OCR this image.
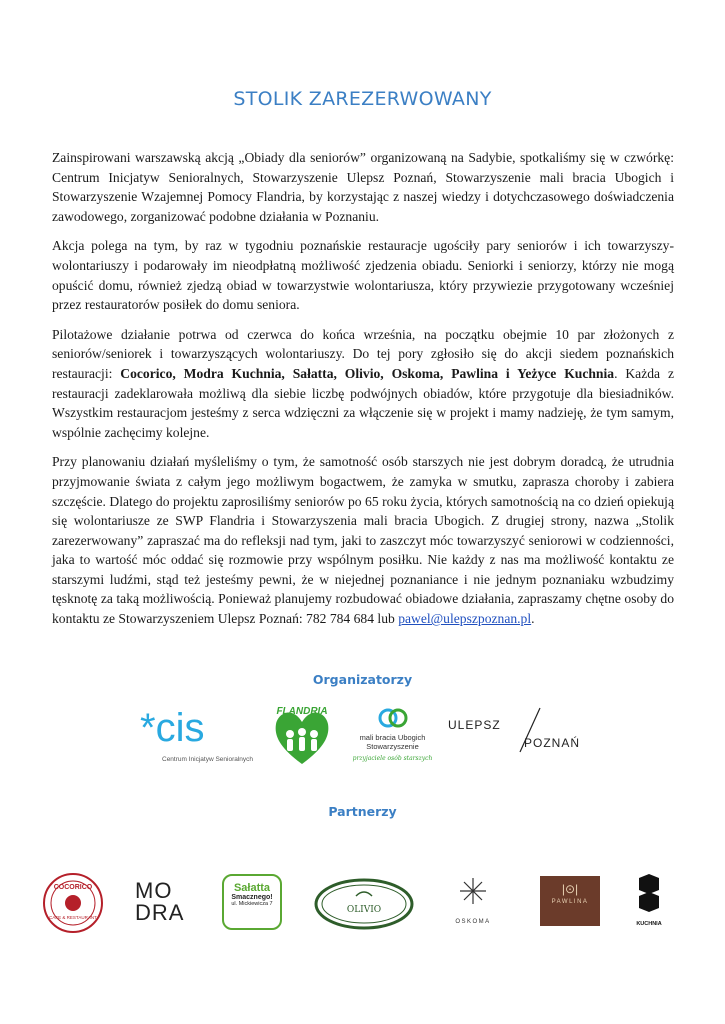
STOLIK ZAREZERWOWANY

Zainspirowani warszawską akcją „Obiady dla seniorów” organizowaną na Sadybie, spotkaliśmy się w czwórkę: Centrum Inicjatyw Senioralnych, Stowarzyszenie Ulepsz Poznań, Stowarzyszenie mali bracia Ubogich i Stowarzyszenie Wzajemnej Pomocy Flandria, by korzystając z naszej wiedzy i dotychczasowego doświadczenia zawodowego, zorganizować podobne działania w Poznaniu.

Akcja polega na tym, by raz w tygodniu poznańskie restauracje ugościły pary seniorów i ich towarzyszy-wolontariuszy i podarowały im nieodpłatną możliwość zjedzenia obiadu. Seniorki i seniorzy, którzy nie mogą opuścić domu, również zjedzą obiad w towarzystwie wolontariusza, który przywiezie przygotowany wcześniej przez restauratorów posiłek do domu seniora.

Pilotażowe działanie potrwa od czerwca do końca września, na początku obejmie 10 par złożonych z seniorów/seniorek i towarzyszących wolontariuszy. Do tej pory zgłosiło się do akcji siedem poznańskich restauracji: Cocorico, Modra Kuchnia, Sałatta, Olivio, Oskoma, Pawlina i Yeżyce Kuchnia. Każda z restauracji zadeklarowała możliwą dla siebie liczbę podwójnych obiadów, które przygotuje dla biesiadników. Wszystkim restauracjom jesteśmy z serca wdzięczni za włączenie się w projekt i mamy nadzieję, że tym samym, wspólnie zachęcimy kolejne.

Przy planowaniu działań myśleliśmy o tym, że samotność osób starszych nie jest dobrym doradcą, że utrudnia przyjmowanie świata z całym jego możliwym bogactwem, że zamyka w smutku, zaprasza choroby i zabiera szczęście. Dlatego do projektu zaprosiliśmy seniorów po 65 roku życia, których samotnością na co dzień opiekują się wolontariusze ze SWP Flandria i Stowarzyszenia mali bracia Ubogich. Z drugiej strony, nazwa „Stolik zarezerwowany” zapraszać ma do refleksji nad tym, jaki to zaszczyt móc towarzyszyć seniorowi w codzienności, jaka to wartość móc oddać się rozmowie przy wspólnym posiłku. Nie każdy z nas ma możliwość kontaktu ze starszymi ludźmi, stąd też jesteśmy pewni, że w niejednej poznaniance i nie jednym poznaniaku wzbudzimy tęsknotę za taką możliwością. Ponieważ planujemy rozbudować obiadowe działania, zapraszamy chętne osoby do kontaktu ze Stowarzyszeniem Ulepsz Poznań: 782 784 684 lub pawel@ulepszpoznan.pl.

Organizatorzy
*cis
Centrum Inicjatyw Senioralnych
FLANDRIA
mali bracia Ubogich
Stowarzyszenie
przyjaciele osób starszych
ULEPSZ
POZNAŃ
Partnerzy
COCORICO
CAFE & RESTAURANT
MO
DRA
Sałatta
Smacznego!
ul. Mickiewicza 7
OLIVIO
OSKOMA
|⊙|
PAWLINA
KUCHNIA
